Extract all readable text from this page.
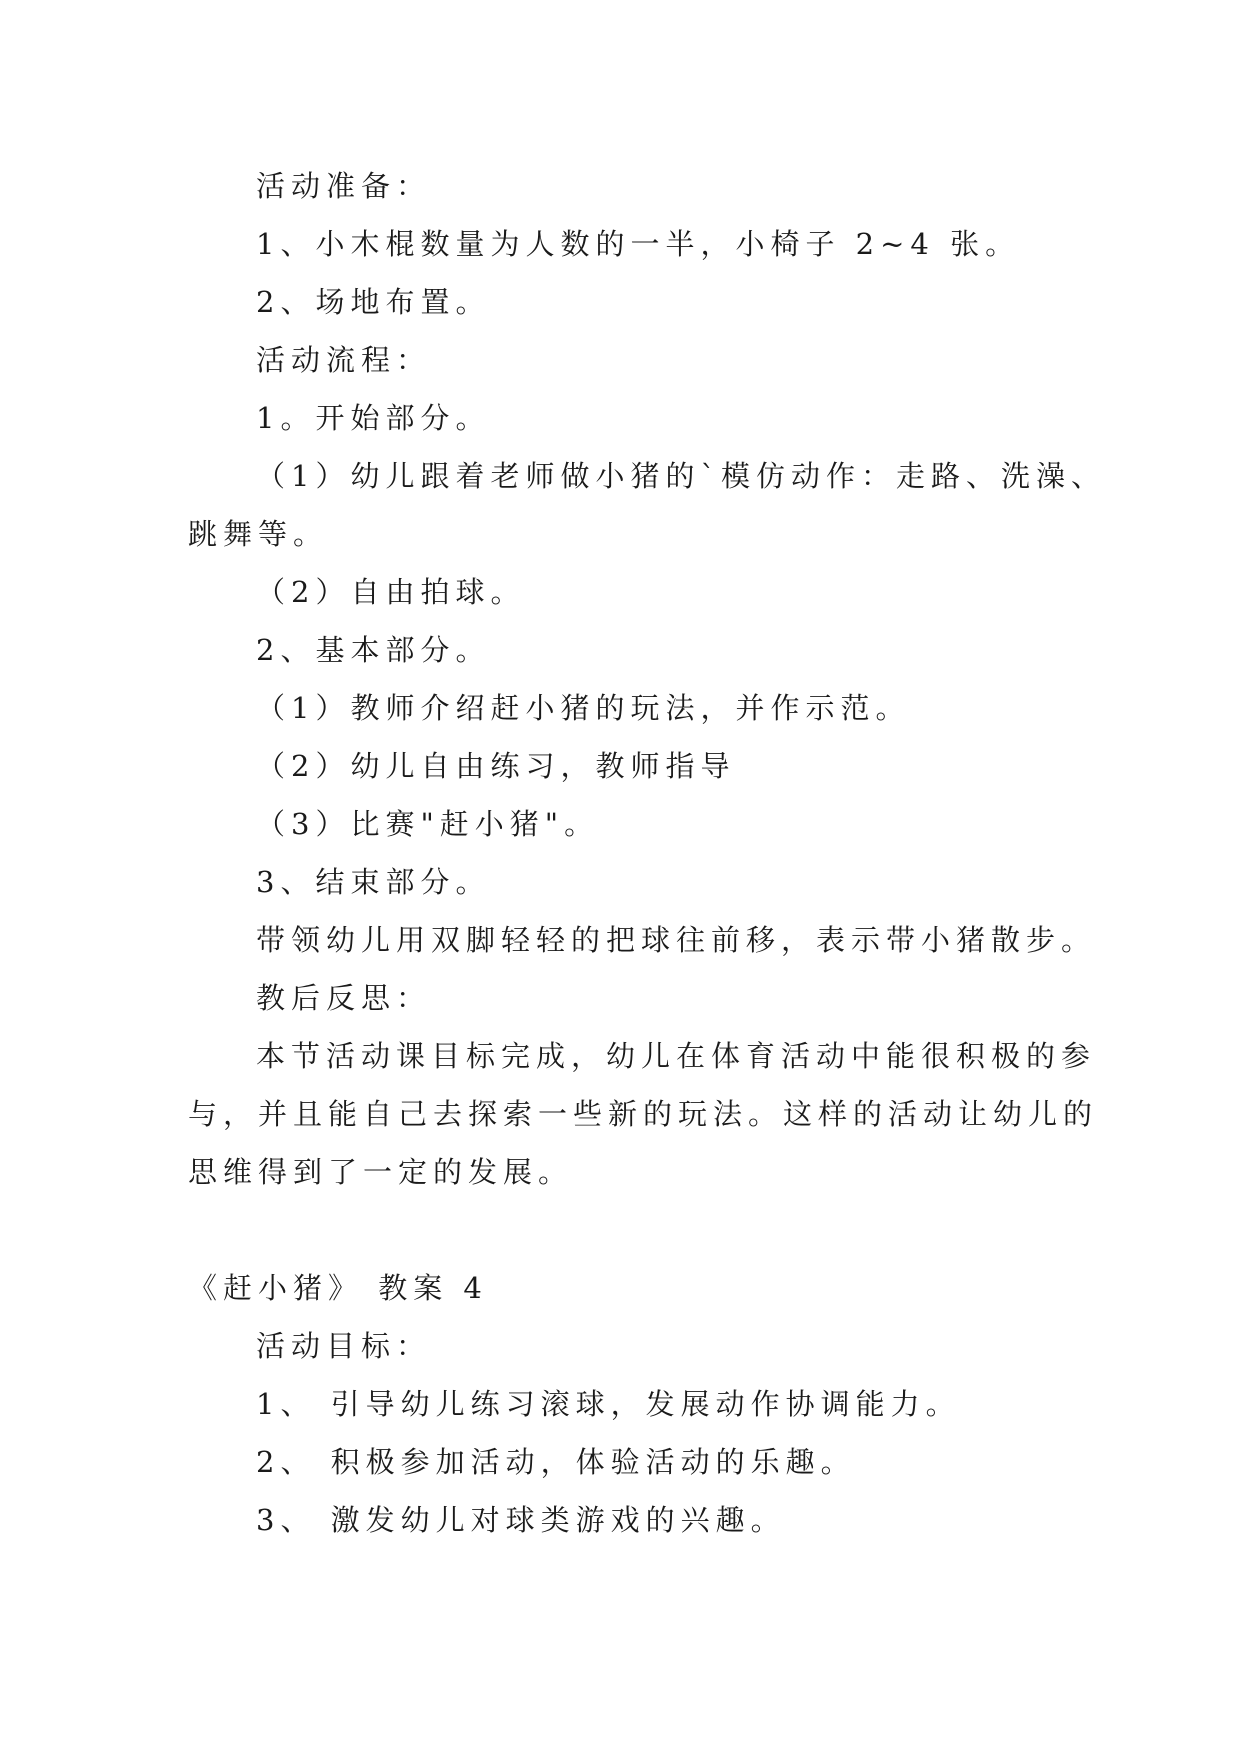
活动准备：
1、小木棍数量为人数的一半，小椅子 2~4 张。
2、场地布置。
活动流程：
1。开始部分。
（1）幼儿跟着老师做小猪的`模仿动作：走路、洗澡、
跳舞等。
（2）自由拍球。
2、基本部分。
（1）教师介绍赶小猪的玩法，并作示范。
（2）幼儿自由练习，教师指导
（3）比赛"赶小猪"。
3、结束部分。
带领幼儿用双脚轻轻的把球往前移，表示带小猪散步。
教后反思：
本节活动课目标完成，幼儿在体育活动中能很积极的参
与，并且能自己去探索一些新的玩法。这样的活动让幼儿的
思维得到了一定的发展。
《赶小猪》 教案 4
活动目标：
1、 引导幼儿练习滚球，发展动作协调能力。
2、 积极参加活动，体验活动的乐趣。
3、 激发幼儿对球类游戏的兴趣。
